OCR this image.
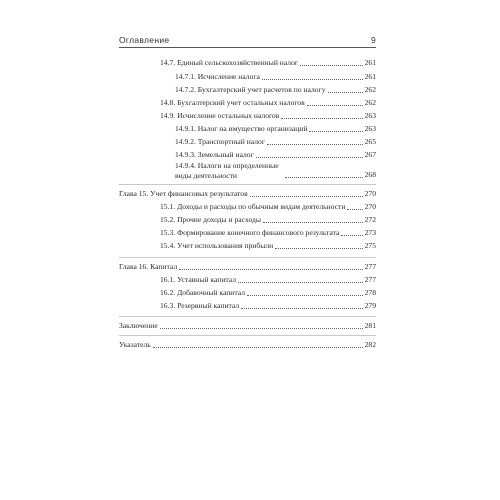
Оглавление	9
14.7. Единый сельскохозяйственный налог	261
14.7.1. Исчисление налога	261
14.7.2. Бухгалтерский учет расчетов по налогу	262
14.8. Бухгалтерский учет остальных налогов	262
14.9. Исчисление остальных налогов	263
14.9.1. Налог на имущество организаций	263
14.9.2. Транспортный налог	265
14.9.3. Земельный налог	267
14.9.4. Налоги на определенные виды деятельности	268
Глава 15. Учет финансовых результатов	270
15.1. Доходы и расходы по обычным видам деятельности	270
15.2. Прочие доходы и расходы	272
15.3. Формирование конечного финансового результата	273
15.4. Учет использования прибыли	275
Глава 16. Капитал	277
16.1. Уставный капитал	277
16.2. Добавочный капитал	278
16.3. Резервный капитал	279
Заключение	281
Указатель	282
